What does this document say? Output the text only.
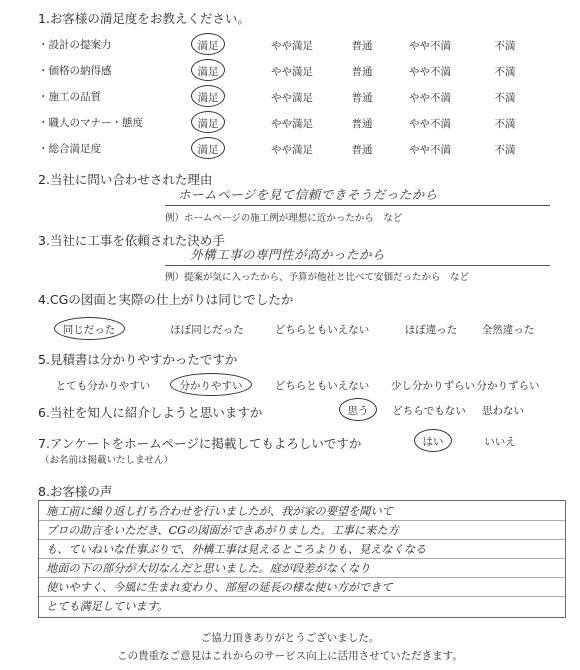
1.お客様の満足度をお教えください。
・設計の提案力	満足	やや満足	普通	やや不満	不満
・価格の納得感	満足	やや満足	普通	やや不満	不満
・施工の品質	満足	やや満足	普通	やや不満	不満
・職人のマナー・態度	満足	やや満足	普通	やや不満	不満
・総合満足度	満足	やや満足	普通	やや不満	不満
2.当社に問い合わせされた理由
ホームページを見て信頼できそうだったから
例）ホームページの施工例が理想に近かったから　など
3.当社に工事を依頼された決め手
外構工事の専門性が高かったから
例）提案が気に入ったから、予算が他社と比べて安価だったから　など
4.CGの図面と実際の仕上がりは同じでしたか
同じだった	ほぼ同じだった	どちらともいえない	ほぼ違った	全然違った
5.見積書は分かりやすかったですか
とても分かりやすい	分かりやすい	どちらともいえない	少し分かりずらい 分かりずらい
6.当社を知人に紹介しようと思いますか	思う	どちらでもない	思わない
7.アンケートをホームページに掲載してもよろしいですか
（お名前は掲載いたしません）
はい	いいえ
8.お客様の声
施工前に繰り返し打ち合わせを行いましたが、我が家の要望を聞いて
プロの助言をいただき、CGの図面ができあがりました。工事に来た方
も、ていねいな仕事ぶりで、外構工事は見えるところよりも、見えなくなる
地面の下の部分が大切なんだと思いました。庭が段差がなくなり
使いやすく、今風に生まれ変わり、部屋の延長の様な使い方ができて
とても満足しています。
ご協力頂きありがとうございました。
この貴重なご意見はこれからのサービス向上に活用させていただきます。
